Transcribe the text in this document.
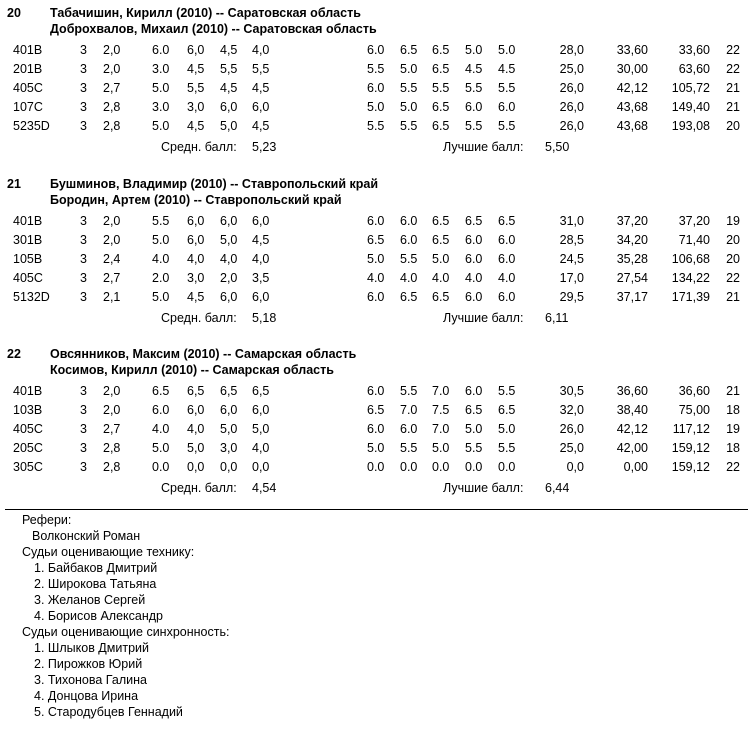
20 Табачишин, Кирилл (2010) -- Саратовская область
Доброхвалов, Михаил (2010) -- Саратовская область
401B	3 2,0	6.0 6,0 4,5 4,0	6.0 6.5 6.5 5.0 5.0	28,0	33,60	33,60	22
201B	3 2,0	3.0 4,5 5,5 5,5	5.5 5.0 6.5 4.5 4.5	25,0	30,00	63,60	22
405C	3 2,7	5.0 5,5 4,5 4,5	6.0 5.5 5.5 5.5 5.5	26,0	42,12	105,72	21
107C	3 2,8	3.0 3,0 6,0 6,0	5.0 5.0 6.5 6.0 6.0	26,0	43,68	149,40	21
5235D 3 2,8	5.0 4,5 5,0 4,5	5.5 5.5 6.5 5.5 5.5	26,0	43,68	193,08	20
Средн. балл: 5,23	Лучшие балл: 5,50
21 Бушминов, Владимир (2010) -- Ставропольский край
Бородин, Артем (2010) -- Ставропольский край
401B	3 2,0	5.5 6,0 6,0 6,0	6.0 6.0 6.5 6.5 6.5	31,0	37,20	37,20	19
301B	3 2,0	5.0 6,0 5,0 4,5	6.5 6.0 6.5 6.0 6.0	28,5	34,20	71,40	20
105B	3 2,4	4.0 4,0 4,0 4,0	5.0 5.5 5.0 6.0 6.0	24,5	35,28	106,68	20
405C	3 2,7	2.0 3,0 2,0 3,5	4.0 4.0 4.0 4.0 4.0	17,0	27,54	134,22	22
5132D 3 2,1	5.0 4,5 6,0 6,0	6.0 6.5 6.5 6.0 6.0	29,5	37,17	171,39	21
Средн. балл: 5,18	Лучшие балл: 6,11
22 Овсянников, Максим (2010) -- Самарская область
Косимов, Кирилл (2010) -- Самарская область
401B	3 2,0	6.5 6,5 6,5 6,5	6.0 5.5 7.0 6.0 5.5	30,5	36,60	36,60	21
103B	3 2,0	6.0 6,0 6,0 6,0	6.5 7.0 7.5 6.5 6.5	32,0	38,40	75,00	18
405C	3 2,7	4.0 4,0 5,0 5,0	6.0 6.0 7.0 5.0 5.0	26,0	42,12	117,12	19
205C	3 2,8	5.0 5,0 3,0 4,0	5.0 5.5 5.0 5.5 5.5	25,0	42,00	159,12	18
305C	3 2,8	0.0 0,0 0,0 0,0	0.0 0.0 0.0 0.0 0.0	0,0	0,00	159,12	22
Средн. балл: 4,54	Лучшие балл: 6,44
Рефери:
Волконский Роман
Судьи оценивающие технику:
1. Байбаков Дмитрий
2. Широкова Татьяна
3. Желанов Сергей
4. Борисов Александр
Судьи оценивающие синхронность:
1. Шлыков Дмитрий
2. Пирожков Юрий
3. Тихонова Галина
4. Донцова Ирина
5. Стародубцев Геннадий
